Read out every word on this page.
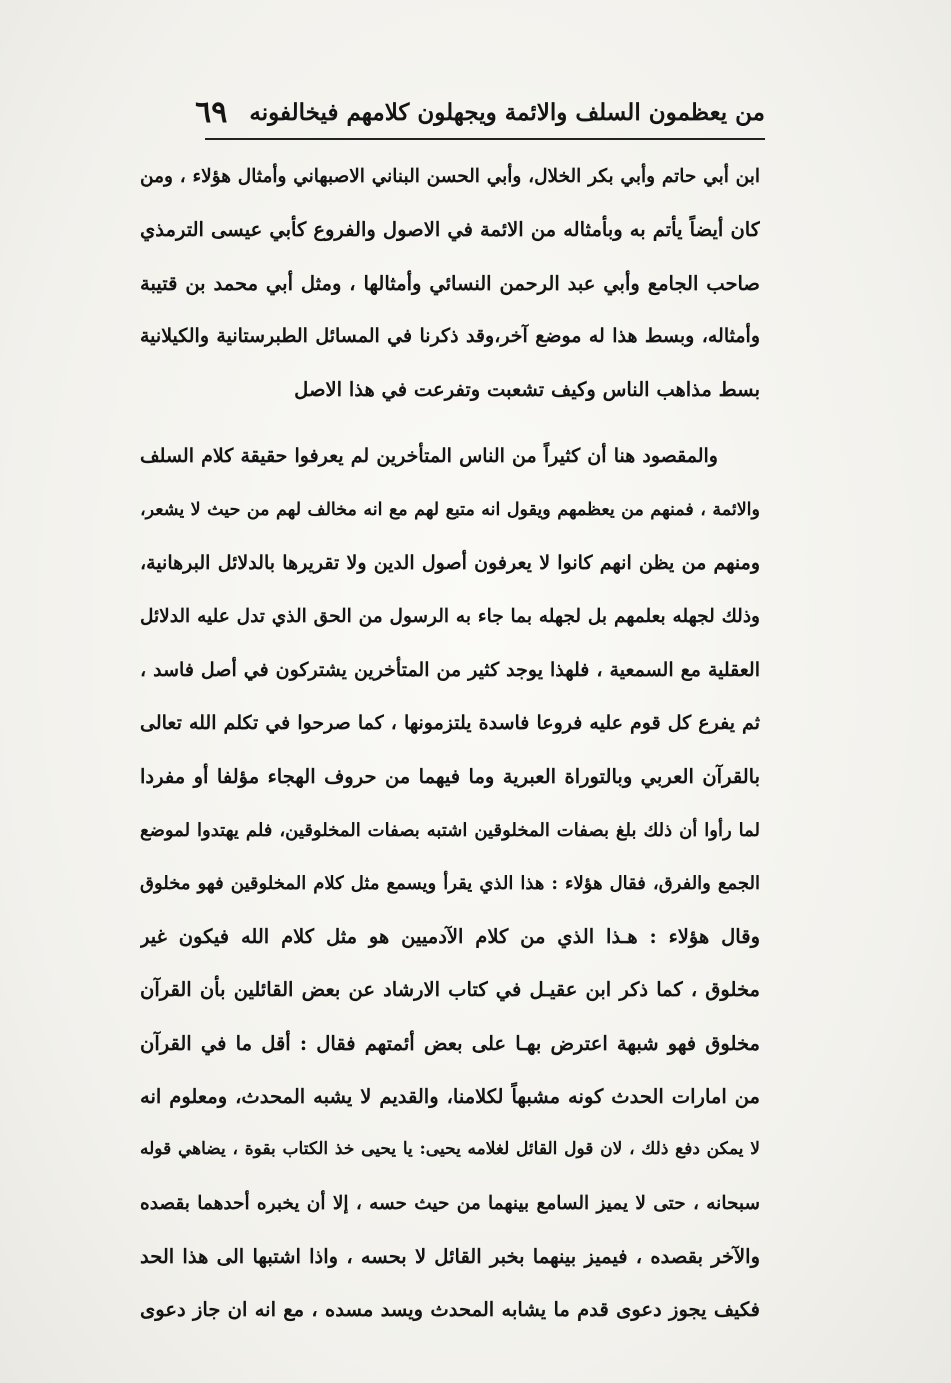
من يعظمون السلف والائمة ويجهلون كلامهم فيخالفونه
٦٩
ابن أبي حاتم وأبي بكر الخلال، وأبي الحسن البناني الاصبهاني وأمثال هؤلاء ، ومن
كان أيضاً يأتم به وبأمثاله من الائمة في الاصول والفروع كأبي عيسى الترمذي
صاحب الجامع وأبي عبد الرحمن النسائي وأمثالها ، ومثل أبي محمد بن قتيبة
وأمثاله، وبسط هذا له موضع آخر،وقد ذكرنا في المسائل الطبرستانية والكيلانية
بسط مذاهب الناس وكيف تشعبت وتفرعت في هذا الاصل
والمقصود هنا أن كثيراً من الناس المتأخرين لم يعرفوا حقيقة كلام السلف
والائمة ، فمنهم من يعظمهم ويقول انه متبع لهم مع انه مخالف لهم من حيث لا يشعر،
ومنهم من يظن انهم كانوا لا يعرفون أصول الدين ولا تقريرها بالدلائل البرهانية،
وذلك لجهله بعلمهم بل لجهله بما جاء به الرسول من الحق الذي تدل عليه الدلائل
العقلية مع السمعية ، فلهذا يوجد كثير من المتأخرين يشتركون في أصل فاسد ،
ثم يفرع كل قوم عليه فروعا فاسدة يلتزمونها ، كما صرحوا في تكلم الله تعالى
بالقرآن العربي وبالتوراة العبرية وما فيهما من حروف الهجاء مؤلفا أو مفردا
لما رأوا أن ذلك بلغ بصفات المخلوقين اشتبه بصفات المخلوقين، فلم يهتدوا لموضع
الجمع والفرق، فقال هؤلاء : هذا الذي يقرأ ويسمع مثل كلام المخلوقين فهو مخلوق
وقال هؤلاء : هـذا الذي من كلام الآدميين هو مثل كلام الله فيكون غير
مخلوق ، كما ذكر ابن عقيـل في كتاب الارشاد عن بعض القائلين بأن القرآن
مخلوق فهو شبهة اعترض بهـا على بعض أئمتهم فقال : أقل ما في القرآن
من امارات الحدث كونه مشبهاً لكلامنا، والقديم لا يشبه المحدث، ومعلوم انه
لا يمكن دفع ذلك ، لان قول القائل لغلامه يحيى: يا يحيى خذ الكتاب بقوة ، يضاهي قوله
سبحانه ، حتى لا يميز السامع بينهما من حيث حسه ، إلا أن يخبره أحدهما بقصده
والآخر بقصده ، فيميز بينهما بخبر القائل لا بحسه ، واذا اشتبها الى هذا الحد
فكيف يجوز دعوى قدم ما يشابه المحدث ويسد مسده ، مع انه ان جاز دعوى
